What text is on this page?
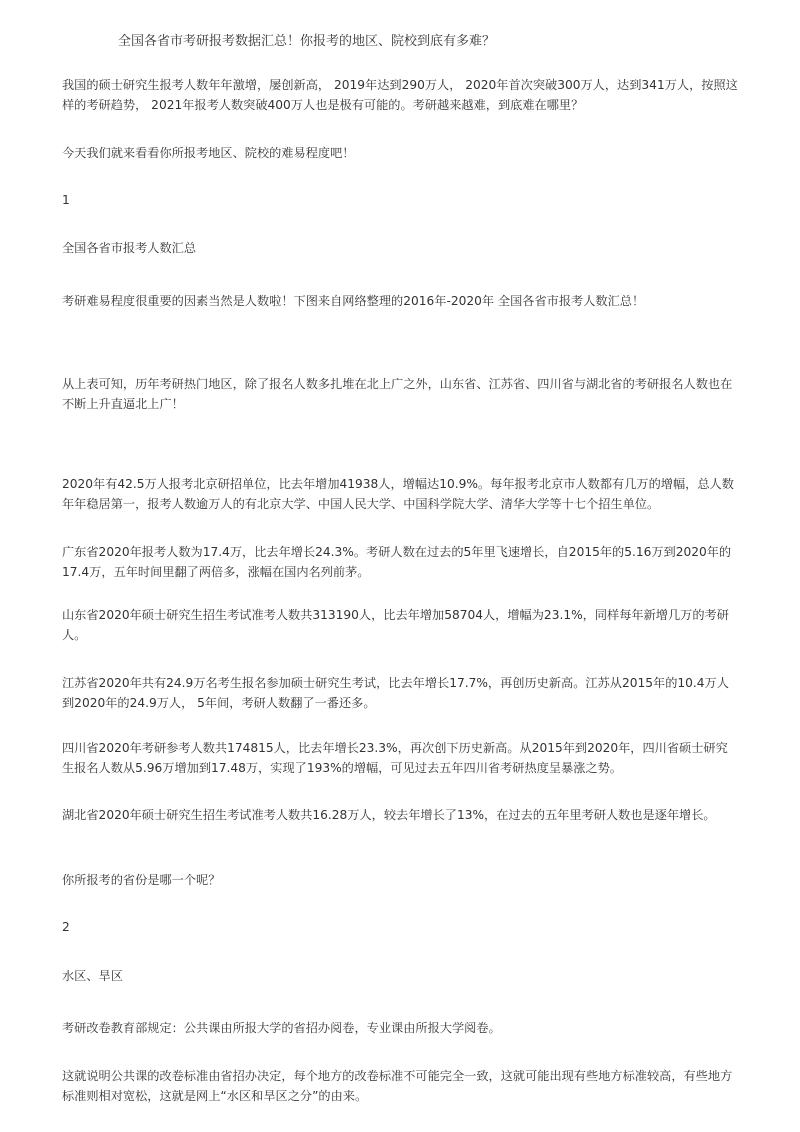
全国各省市考研报考数据汇总！你报考的地区、院校到底有多难？

我国的硕士研究生报考人数年年激增，屡创新高， 2019年达到290万人， 2020年首次突破300万人，达到341万人，按照这样的考研趋势， 2021年报考人数突破400万人也是极有可能的。考研越来越难，到底难在哪里？

今天我们就来看看你所报考地区、院校的难易程度吧！

1

全国各省市报考人数汇总

考研难易程度很重要的因素当然是人数啦！下图来自网络整理的2016年-2020年 全国各省市报考人数汇总！

从上表可知，历年考研热门地区，除了报名人数多扎堆在北上广之外，山东省、江苏省、四川省与湖北省的考研报名人数也在不断上升直逼北上广！

2020年有42.5万人报考北京研招单位，比去年增加41938人，增幅达10.9%。每年报考北京市人数都有几万的增幅，总人数年年稳居第一，报考人数逾万人的有北京大学、中国人民大学、中国科学院大学、清华大学等十七个招生单位。

广东省2020年报考人数为17.4万，比去年增长24.3%。考研人数在过去的5年里飞速增长，自2015年的5.16万到2020年的17.4万，五年时间里翻了两倍多，涨幅在国内名列前茅。

山东省2020年硕士研究生招生考试准考人数共313190人，比去年增加58704人，增幅为23.1%，同样每年新增几万的考研人。

江苏省2020年共有24.9万名考生报名参加硕士研究生考试，比去年增长17.7%，再创历史新高。江苏从2015年的10.4万人到2020年的24.9万人， 5年间，考研人数翻了一番还多。

四川省2020年考研参考人数共174815人，比去年增长23.3%，再次创下历史新高。从2015年到2020年，四川省硕士研究生报名人数从5.96万增加到17.48万，实现了193%的增幅，可见过去五年四川省考研热度呈暴涨之势。

湖北省2020年硕士研究生招生考试准考人数共16.28万人，较去年增长了13%，在过去的五年里考研人数也是逐年增长。

你所报考的省份是哪一个呢？

2

水区、旱区

考研改卷教育部规定：公共课由所报大学的省招办阅卷，专业课由所报大学阅卷。

这就说明公共课的改卷标准由省招办决定，每个地方的改卷标准不可能完全一致，这就可能出现有些地方标准较高，有些地方标准则相对宽松，这就是网上“水区和旱区之分”的由来。
